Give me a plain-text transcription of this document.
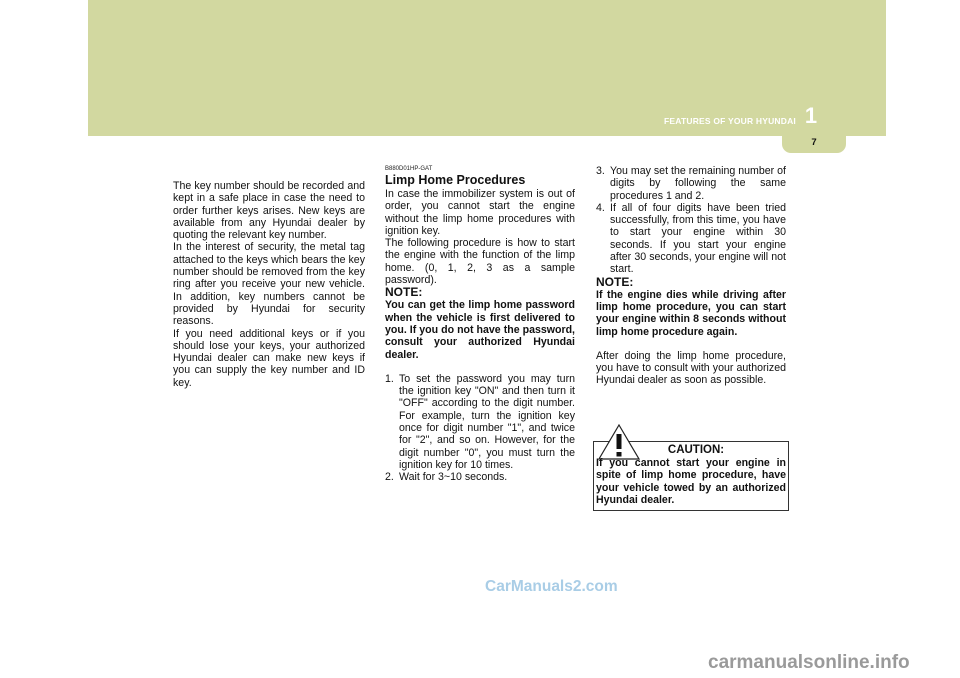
1
FEATURES OF YOUR HYUNDAI
7

The key number should be recorded and kept in a safe place in case the need to order further keys arises. New keys are available from any Hyundai dealer by quoting the relevant key number.

In the interest of security, the metal tag attached to the keys which bears the key number should be removed from the key ring after you receive your new vehicle. In addition, key numbers cannot be provided by Hyundai for security reasons.

If you need additional keys or if you should lose your keys, your authorized Hyundai dealer can make new keys if you can supply the key number and ID key.

B880D01HP-GAT

Limp Home Procedures

In case the immobilizer system is out of order, you cannot start the engine without the limp home procedures with ignition key.

The following procedure is how to start the engine with the function of the limp home. (0, 1, 2, 3 as a sample password).

NOTE:

You can get the limp home password when the vehicle is first delivered to you. If you do not have the password, consult your authorized Hyundai dealer.

1. To set the password you may turn the ignition key "ON" and then turn it "OFF" according to the digit number. For example, turn the ignition key once for digit number "1", and twice for "2", and so on. However, for the digit number "0", you must turn the ignition key for 10 times.
2. Wait for 3~10 seconds.
3. You may set the remaining number of digits by following the same procedures 1 and 2.
4. If all of four digits have been tried successfully, from this time, you have to start your engine within 30 seconds. If you start your engine after 30 seconds, your engine will not start.

NOTE:

If the engine dies while driving after limp home procedure, you can start your engine within 8 seconds without limp home procedure again.

After doing the limp home procedure, you have to consult with your authorized Hyundai dealer as soon as possible.

CAUTION:
If you cannot start your engine in spite of limp home procedure, have your vehicle towed by an authorized Hyundai dealer.
CarManuals2.com
carmanualsonline.info
